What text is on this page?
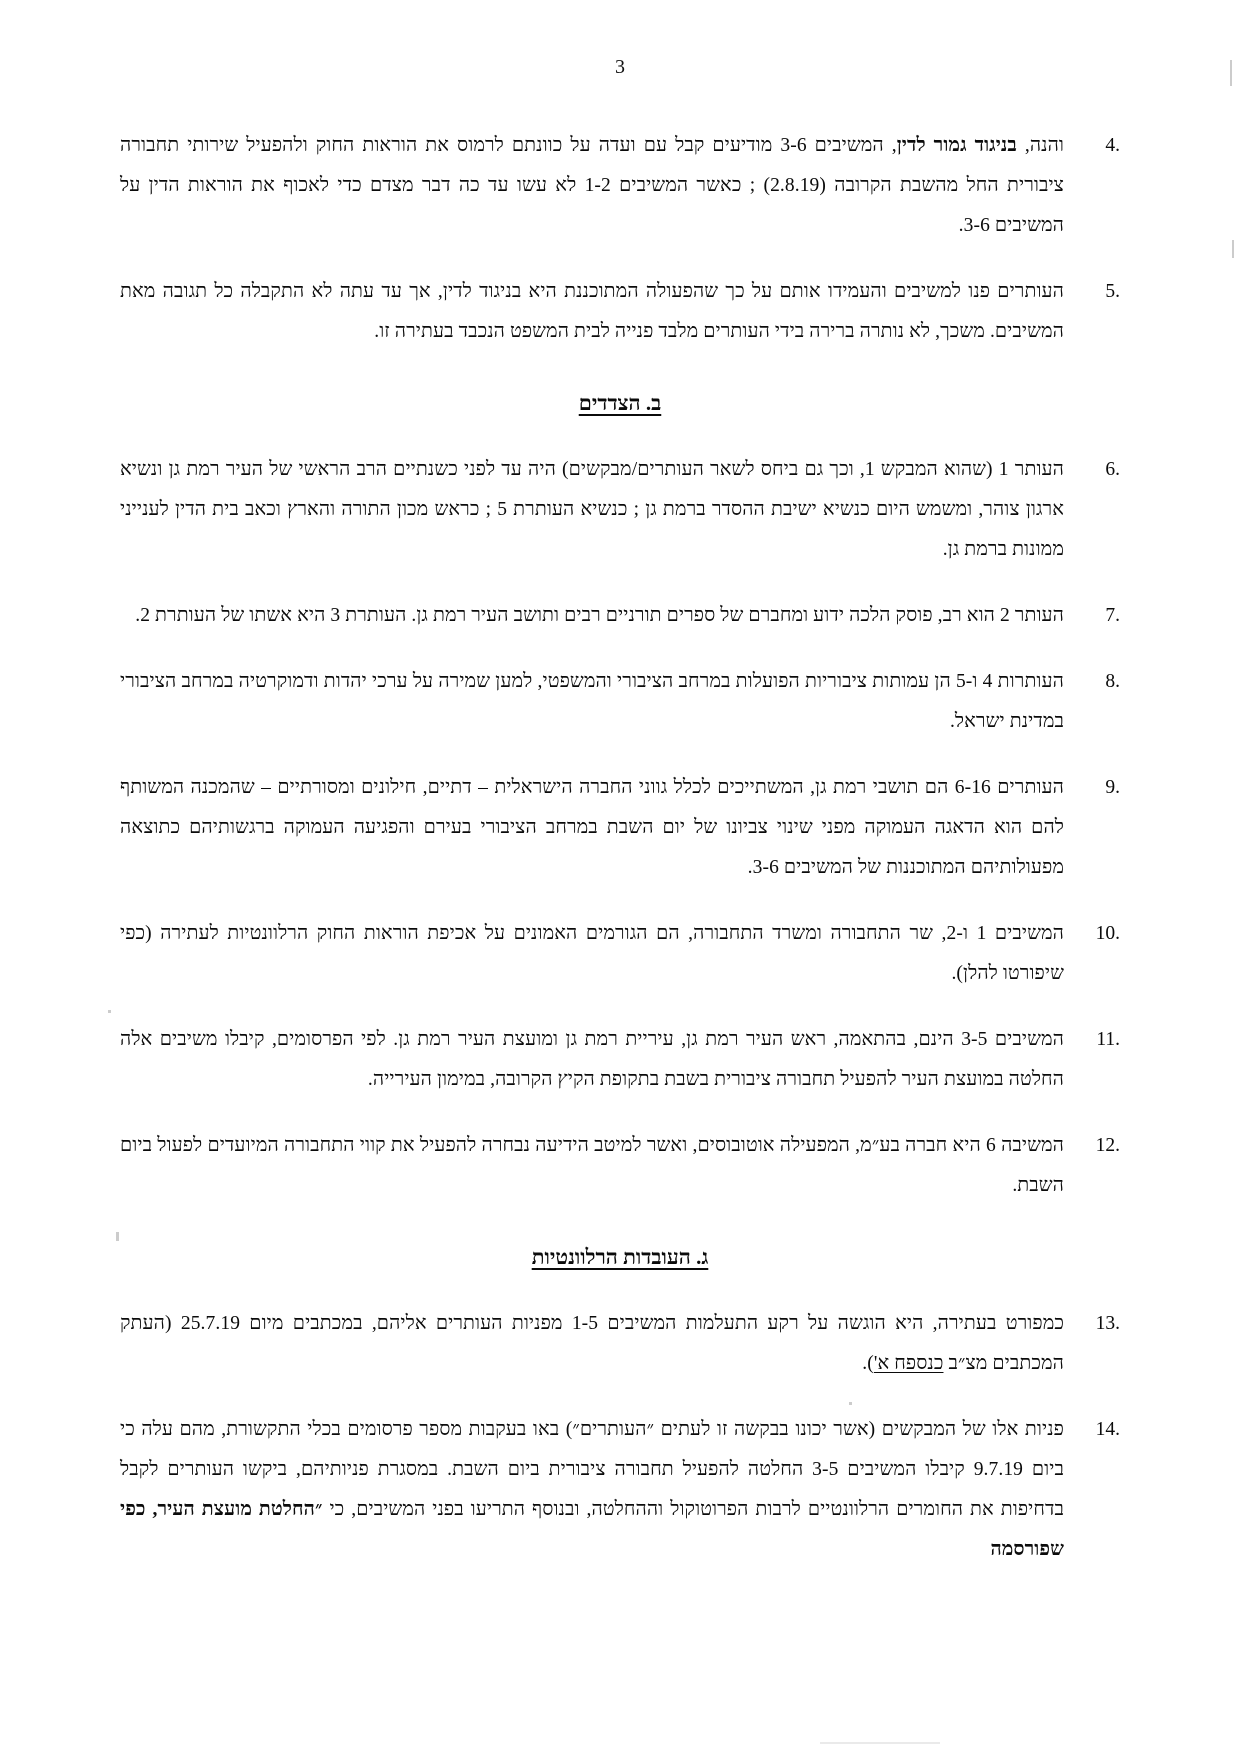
3
4.
והנה, בניגוד גמור לדין, המשיבים 3-6 מודיעים קבל עם ועדה על כוונתם לרמוס את הוראות החוק ולהפעיל שירותי תחבורה ציבורית החל מהשבת הקרובה (2.8.19) ; כאשר המשיבים 1-2 לא עשו עד כה דבר מצדם כדי לאכוף את הוראות הדין על המשיבים 3-6.
5.
העותרים פנו למשיבים והעמידו אותם על כך שהפעולה המתוכננת היא בניגוד לדין, אך עד עתה לא התקבלה כל תגובה מאת המשיבים. משכך, לא נותרה ברירה בידי העותרים מלבד פנייה לבית המשפט הנכבד בעתירה זו.
ב. הצדדים
6.
העותר 1 (שהוא המבקש 1, וכך גם ביחס לשאר העותרים/מבקשים) היה עד לפני כשנתיים הרב הראשי של העיר רמת גן ונשיא ארגון צוהר, ומשמש היום כנשיא ישיבת ההסדר ברמת גן ; כנשיא העותרת 5 ; כראש מכון התורה והארץ וכאב בית הדין לענייני ממונות ברמת גן.
7.
העותר 2 הוא רב, פוסק הלכה ידוע ומחברם של ספרים תורניים רבים ותושב העיר רמת גן. העותרת 3 היא אשתו של העותרת 2.
8.
העותרות 4 ו-5 הן עמותות ציבוריות הפועלות במרחב הציבורי והמשפטי, למען שמירה על ערכי יהדות ודמוקרטיה במרחב הציבורי במדינת ישראל.
9.
העותרים 6-16 הם תושבי רמת גן, המשתייכים לכלל גווני החברה הישראלית – דתיים, חילונים ומסורתיים – שהמכנה המשותף להם הוא הדאגה העמוקה מפני שינוי צביונו של יום השבת במרחב הציבורי בעירם והפגיעה העמוקה ברגשותיהם כתוצאה מפעולותיהם המתוכננות של המשיבים 3-6.
10.
המשיבים 1 ו-2, שר התחבורה ומשרד התחבורה, הם הגורמים האמונים על אכיפת הוראות החוק הרלוונטיות לעתירה (כפי שיפורטו להלן).
11.
המשיבים 3-5 הינם, בהתאמה, ראש העיר רמת גן, עיריית רמת גן ומועצת העיר רמת גן. לפי הפרסומים, קיבלו משיבים אלה החלטה במועצת העיר להפעיל תחבורה ציבורית בשבת בתקופת הקיץ הקרובה, במימון העירייה.
12.
המשיבה 6 היא חברה בע״מ, המפעילה אוטובוסים, ואשר למיטב הידיעה נבחרה להפעיל את קווי התחבורה המיועדים לפעול ביום השבת.
ג. העובדות הרלוונטיות
13.
כמפורט בעתירה, היא הוגשה על רקע התעלמות המשיבים 1-5 מפניות העותרים אליהם, במכתבים מיום 25.7.19 (העתק המכתבים מצ״ב כנספח א').
14.
פניות אלו של המבקשים (אשר יכונו בבקשה זו לעתים ״העותרים״) באו בעקבות מספר פרסומים בכלי התקשורת, מהם עלה כי ביום 9.7.19 קיבלו המשיבים 3-5 החלטה להפעיל תחבורה ציבורית ביום השבת. במסגרת פניותיהם, ביקשו העותרים לקבל בדחיפות את החומרים הרלוונטיים לרבות הפרוטוקול וההחלטה, ובנוסף התריעו בפני המשיבים, כי ״החלטת מועצת העיר, כפי שפורסמה
